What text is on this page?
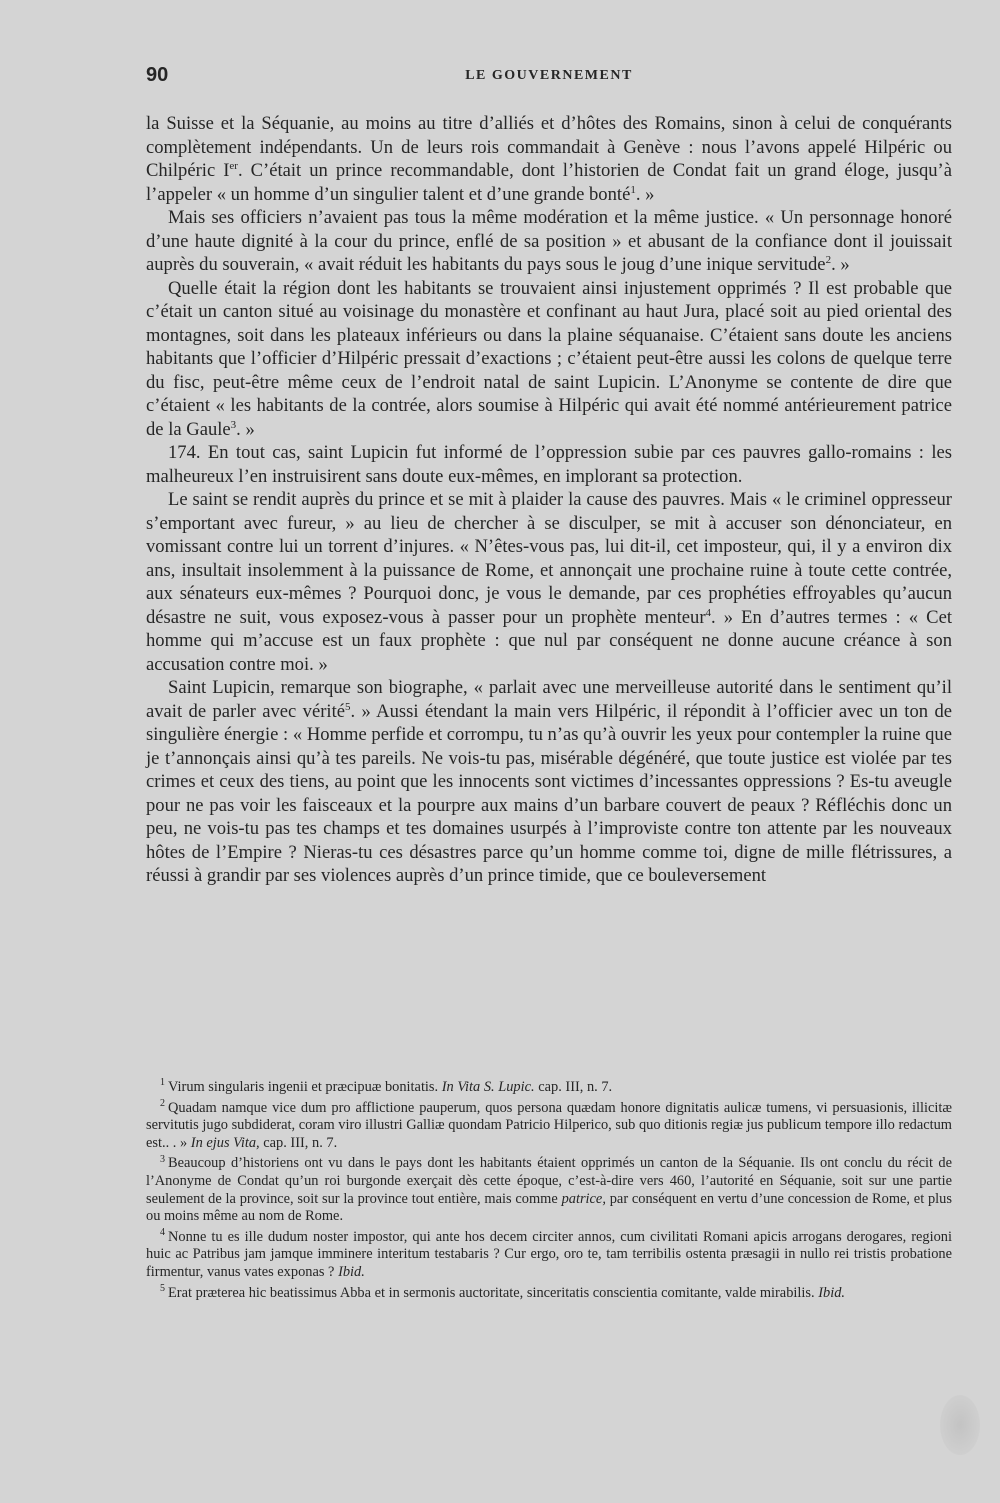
90	LE GOUVERNEMENT

la Suisse et la Séquanie, au moins au titre d’alliés et d’hôtes des Romains, sinon à celui de conquérants complètement indépendants. Un de leurs rois commandait à Genève : nous l’avons appelé Hilpéric ou Chilpéric Ier. C’était un prince recommandable, dont l’historien de Condat fait un grand éloge, jusqu’à l’appeler « un homme d’un singulier talent et d’une grande bonté$^1$. »

Mais ses officiers n’avaient pas tous la même modération et la même justice. « Un personnage honoré d’une haute dignité à la cour du prince, enflé de sa position » et abusant de la confiance dont il jouissait auprès du souverain, « avait réduit les habitants du pays sous le joug d’une inique servitude$^2$. »

Quelle était la région dont les habitants se trouvaient ainsi injustement opprimés ? Il est probable que c’était un canton situé au voisinage du monastère et confinant au haut Jura, placé soit au pied oriental des montagnes, soit dans les plateaux inférieurs ou dans la plaine séquanaise. C’étaient sans doute les anciens habitants que l’officier d’Hilpéric pressait d’exactions ; c’étaient peut-être aussi les colons de quelque terre du fisc, peut-être même ceux de l’endroit natal de saint Lupicin. L’Anonyme se contente de dire que c’étaient « les habitants de la contrée, alors soumise à Hilpéric qui avait été nommé antérieurement patrice de la Gaule$^3$. »

174. En tout cas, saint Lupicin fut informé de l’oppression subie par ces pauvres gallo-romains : les malheureux l’en instruisirent sans doute eux-mêmes, en implorant sa protection.

Le saint se rendit auprès du prince et se mit à plaider la cause des pauvres. Mais « le criminel oppresseur s’emportant avec fureur, » au lieu de chercher à se disculper, se mit à accuser son dénonciateur, en vomissant contre lui un torrent d’injures. « N’êtes-vous pas, lui dit-il, cet imposteur, qui, il y a environ dix ans, insultait insolemment à la puissance de Rome, et annonçait une prochaine ruine à toute cette contrée, aux sénateurs eux-mêmes ? Pourquoi donc, je vous le demande, par ces prophéties effroyables qu’aucun désastre ne suit, vous exposez-vous à passer pour un prophète menteur$^4$. » En d’autres termes : « Cet homme qui m’accuse est un faux prophète : que nul par conséquent ne donne aucune créance à son accusation contre moi. »

Saint Lupicin, remarque son biographe, « parlait avec une merveilleuse autorité dans le sentiment qu’il avait de parler avec vérité$^5$. » Aussi étendant la main vers Hilpéric, il répondit à l’officier avec un ton de singulière énergie : « Homme perfide et corrompu, tu n’as qu’à ouvrir les yeux pour contempler la ruine que je t’annonçais ainsi qu’à tes pareils. Ne vois-tu pas, misérable dégénéré, que toute justice est violée par tes crimes et ceux des tiens, au point que les innocents sont victimes d’incessantes oppressions ? Es-tu aveugle pour ne pas voir les faisceaux et la pourpre aux mains d’un barbare couvert de peaux ? Réfléchis donc un peu, ne vois-tu pas tes champs et tes domaines usurpés à l’improviste contre ton attente par les nouveaux hôtes de l’Empire ? Nieras-tu ces désastres parce qu’un homme comme toi, digne de mille flétrissures, a réussi à grandir par ses violences auprès d’un prince timide, que ce bouleversement

$^1$ Virum singularis ingenii et præcipuæ bonitatis. In Vita S. Lupic. cap. III, n. 7.

$^2$ Quadam namque vice dum pro afflictione pauperum, quos persona quædam honore dignitatis aulicæ tumens, vi persuasionis, illicitæ servitutis jugo subdiderat, coram viro illustri Galliæ quondam Patricio Hilperico, sub quo ditionis regiæ jus publicum tempore illo redactum est.. . » In ejus Vita, cap. III, n. 7.

$^3$ Beaucoup d’historiens ont vu dans le pays dont les habitants étaient opprimés un canton de la Séquanie. Ils ont conclu du récit de l’Anonyme de Condat qu’un roi burgonde exerçait dès cette époque, c’est-à-dire vers 460, l’autorité en Séquanie, soit sur une partie seulement de la province, soit sur la province tout entière, mais comme patrice, par conséquent en vertu d’une concession de Rome, et plus ou moins même au nom de Rome.

$^4$ Nonne tu es ille dudum noster impostor, qui ante hos decem circiter annos, cum civilitati Romani apicis arrogans derogares, regioni huic ac Patribus jam jamque imminere interitum testabaris ? Cur ergo, oro te, tam terribilis ostenta præsagii in nullo rei tristis probatione firmentur, vanus vates exponas ? Ibid.

$^5$ Erat præterea hic beatissimus Abba et in sermonis auctoritate, sinceritatis conscientia comitante, valde mirabilis. Ibid.
